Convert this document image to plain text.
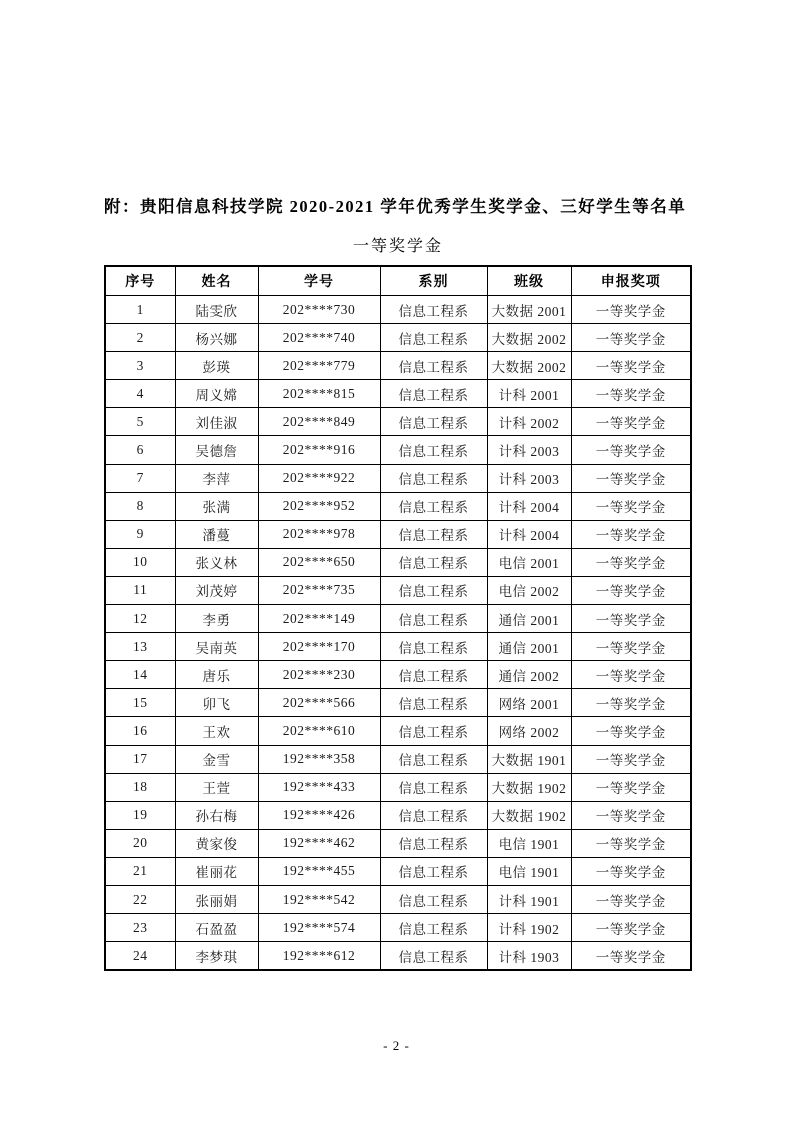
附：贵阳信息科技学院 2020-2021 学年优秀学生奖学金、三好学生等名单
一等奖学金
序号	姓名	学号	系别	班级	申报奖项
1	陆雯欣	202****730	信息工程系	大数据 2001	一等奖学金
2	杨兴娜	202****740	信息工程系	大数据 2002	一等奖学金
3	彭瑛	202****779	信息工程系	大数据 2002	一等奖学金
4	周义嫦	202****815	信息工程系	计科 2001	一等奖学金
5	刘佳淑	202****849	信息工程系	计科 2002	一等奖学金
6	吴德詹	202****916	信息工程系	计科 2003	一等奖学金
7	李萍	202****922	信息工程系	计科 2003	一等奖学金
8	张满	202****952	信息工程系	计科 2004	一等奖学金
9	潘蔓	202****978	信息工程系	计科 2004	一等奖学金
10	张义林	202****650	信息工程系	电信 2001	一等奖学金
11	刘茂婷	202****735	信息工程系	电信 2002	一等奖学金
12	李勇	202****149	信息工程系	通信 2001	一等奖学金
13	吴南英	202****170	信息工程系	通信 2001	一等奖学金
14	唐乐	202****230	信息工程系	通信 2002	一等奖学金
15	卯飞	202****566	信息工程系	网络 2001	一等奖学金
16	王欢	202****610	信息工程系	网络 2002	一等奖学金
17	金雪	192****358	信息工程系	大数据 1901	一等奖学金
18	王萱	192****433	信息工程系	大数据 1902	一等奖学金
19	孙右梅	192****426	信息工程系	大数据 1902	一等奖学金
20	黄家俊	192****462	信息工程系	电信 1901	一等奖学金
21	崔丽花	192****455	信息工程系	电信 1901	一等奖学金
22	张丽娟	192****542	信息工程系	计科 1901	一等奖学金
23	石盈盈	192****574	信息工程系	计科 1902	一等奖学金
24	李梦琪	192****612	信息工程系	计科 1903	一等奖学金
- 2 -
